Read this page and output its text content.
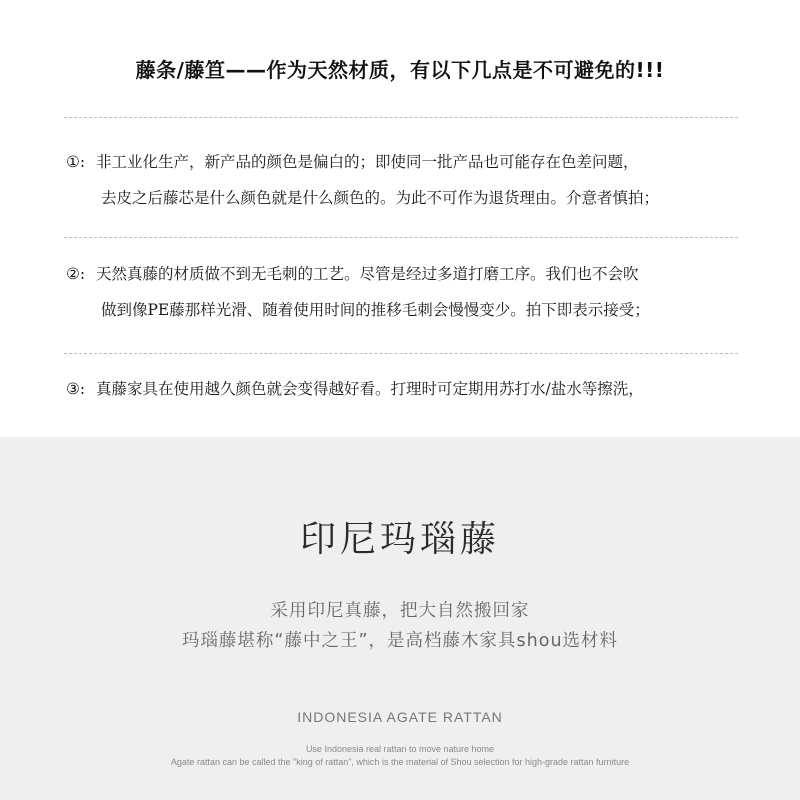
藤条/藤笪——作为天然材质，有以下几点是不可避免的!!!
①: 非工业化生产，新产品的颜色是偏白的；即使同一批产品也可能存在色差问题，
去皮之后藤芯是什么颜色就是什么颜色的。为此不可作为退货理由。介意者慎拍；
②: 天然真藤的材质做不到无毛刺的工艺。尽管是经过多道打磨工序。我们也不会吹
做到像PE藤那样光滑、随着使用时间的推移毛刺会慢慢变少。拍下即表示接受；
③: 真藤家具在使用越久颜色就会变得越好看。打理时可定期用苏打水/盐水等擦洗，
印尼玛瑙藤
采用印尼真藤，把大自然搬回家
玛瑙藤堪称“藤中之王”，是高档藤木家具shou选材料
INDONESIA AGATE RATTAN
Use Indonesia real rattan to move nature home
Agate rattan can be called the "king of rattan", which is the material of Shou selection for high-grade rattan furniture
